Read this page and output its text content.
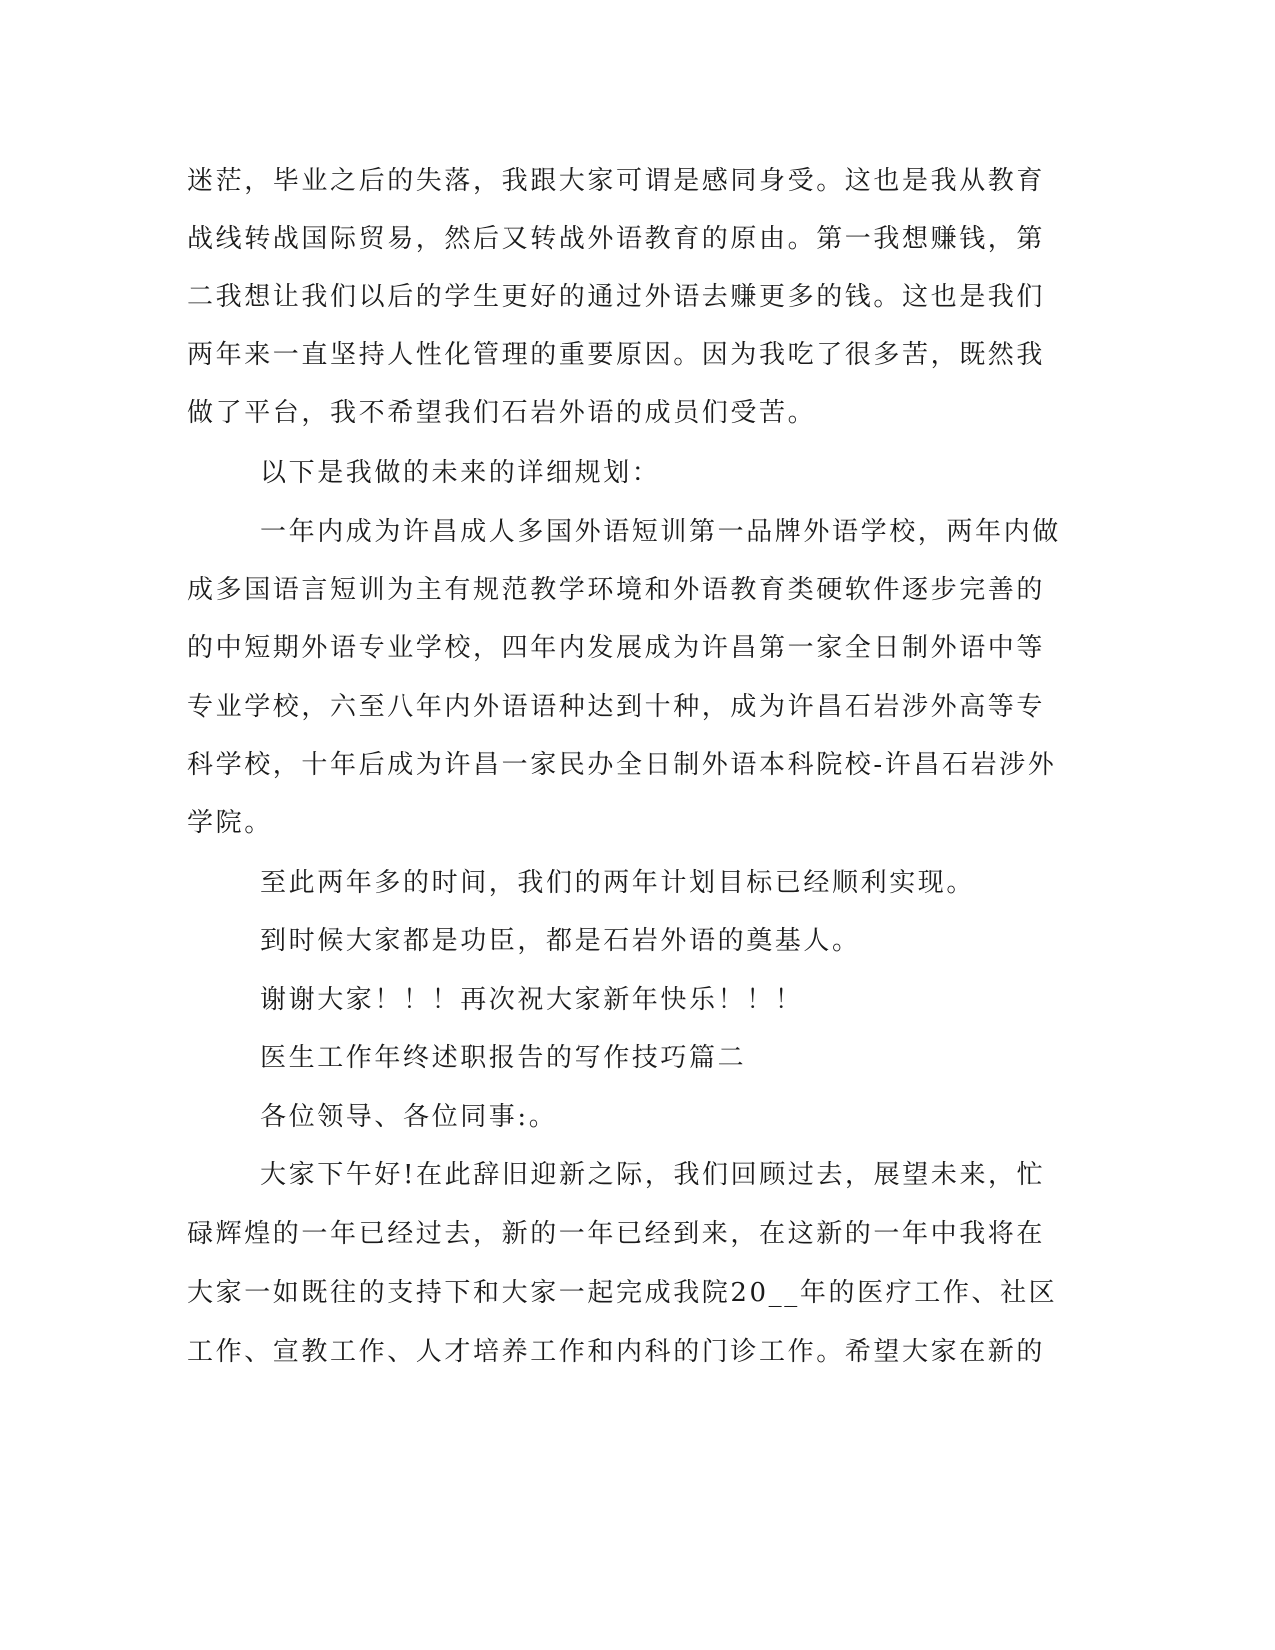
迷茫，毕业之后的失落，我跟大家可谓是感同身受。这也是我从教育
战线转战国际贸易，然后又转战外语教育的原由。第一我想赚钱，第
二我想让我们以后的学生更好的通过外语去赚更多的钱。这也是我们
两年来一直坚持人性化管理的重要原因。因为我吃了很多苦，既然我
做了平台，我不希望我们石岩外语的成员们受苦。
以下是我做的未来的详细规划：
一年内成为许昌成人多国外语短训第一品牌外语学校，两年内做
成多国语言短训为主有规范教学环境和外语教育类硬软件逐步完善的
的中短期外语专业学校，四年内发展成为许昌第一家全日制外语中等
专业学校，六至八年内外语语种达到十种，成为许昌石岩涉外高等专
科学校，十年后成为许昌一家民办全日制外语本科院校-许昌石岩涉外
学院。
至此两年多的时间，我们的两年计划目标已经顺利实现。
到时候大家都是功臣，都是石岩外语的奠基人。
谢谢大家！！！再次祝大家新年快乐！！！
医生工作年终述职报告的写作技巧篇二
各位领导、各位同事:。
大家下午好!在此辞旧迎新之际，我们回顾过去，展望未来，忙
碌辉煌的一年已经过去，新的一年已经到来，在这新的一年中我将在
大家一如既往的支持下和大家一起完成我院20__年的医疗工作、社区
工作、宣教工作、人才培养工作和内科的门诊工作。希望大家在新的
